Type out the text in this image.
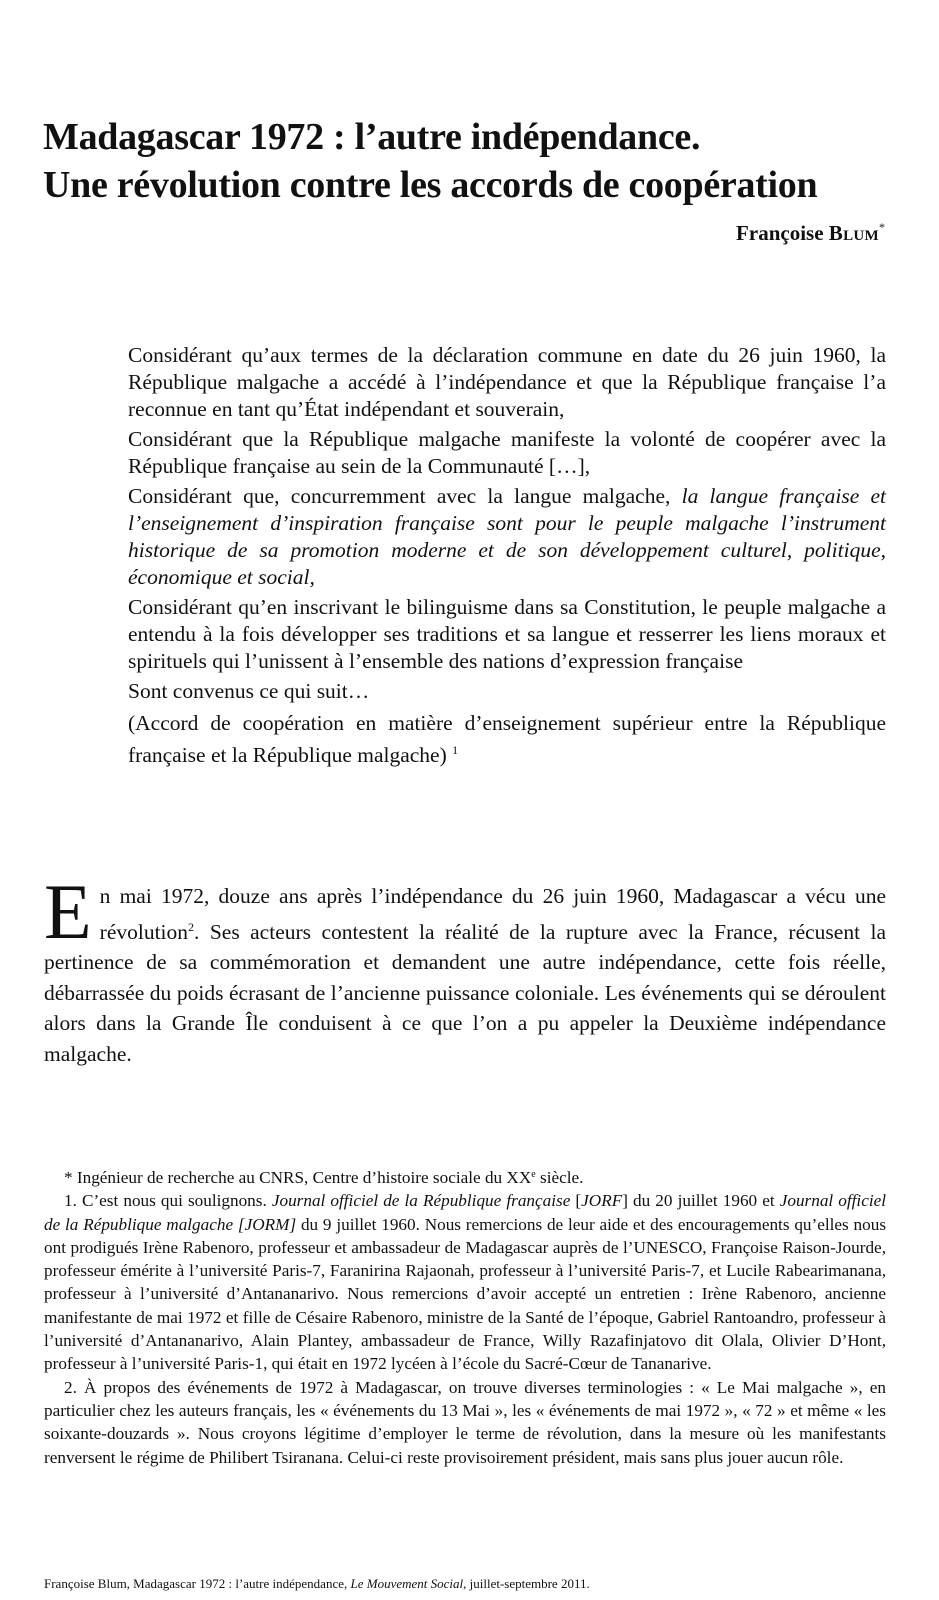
Madagascar 1972 : l’autre indépendance.
Une révolution contre les accords de coopération
Françoise BLUM*

Considérant qu’aux termes de la déclaration commune en date du 26 juin 1960, la République malgache a accédé à l’indépendance et que la République française l’a reconnue en tant qu’État indépendant et souverain,

Considérant que la République malgache manifeste la volonté de coopérer avec la République française au sein de la Communauté […],

Considérant que, concurremment avec la langue malgache, la langue française et l’enseignement d’inspiration française sont pour le peuple malgache l’instrument historique de sa promotion moderne et de son développement culturel, politique, économique et social,

Considérant qu’en inscrivant le bilinguisme dans sa Constitution, le peuple malgache a entendu à la fois développer ses traditions et sa langue et resserrer les liens moraux et spirituels qui l’unissent à l’ensemble des nations d’expression française

Sont convenus ce qui suit…

(Accord de coopération en matière d’enseignement supérieur entre la République française et la République malgache) $^1$

En mai 1972, douze ans après l’indépendance du 26 juin 1960, Madagascar a vécu une révolution$^2$. Ses acteurs contestent la réalité de la rupture avec la France, récusent la pertinence de sa commémoration et demandent une autre indépendance, cette fois réelle, débarrassée du poids écrasant de l’ancienne puissance coloniale. Les événements qui se déroulent alors dans la Grande Île conduisent à ce que l’on a pu appeler la Deuxième indépendance malgache.

* Ingénieur de recherche au CNRS, Centre d’histoire sociale du XXe siècle.

1. C’est nous qui soulignons. Journal officiel de la République française [JORF] du 20 juillet 1960 et Journal officiel de la République malgache [JORM] du 9 juillet 1960. Nous remercions de leur aide et des encouragements qu’elles nous ont prodigués Irène Rabenoro, professeur et ambassadeur de Madagascar auprès de l’UNESCO, Françoise Raison-Jourde, professeur émérite à l’université Paris-7, Faranirina Rajaonah, professeur à l’université Paris-7, et Lucile Rabearimanana, professeur à l’université d’Antananarivo. Nous remercions d’avoir accepté un entretien : Irène Rabenoro, ancienne manifestante de mai 1972 et fille de Césaire Rabenoro, ministre de la Santé de l’époque, Gabriel Rantoandro, professeur à l’université d’Antananarivo, Alain Plantey, ambassadeur de France, Willy Razafinjatovo dit Olala, Olivier D’Hont, professeur à l’université Paris-1, qui était en 1972 lycéen à l’école du Sacré-Cœur de Tananarive.

2. À propos des événements de 1972 à Madagascar, on trouve diverses terminologies : « Le Mai malgache », en particulier chez les auteurs français, les « événements du 13 Mai », les « événements de mai 1972 », « 72 » et même « les soixante-douzards ». Nous croyons légitime d’employer le terme de révolution, dans la mesure où les manifestants renversent le régime de Philibert Tsiranana. Celui-ci reste provisoirement président, mais sans plus jouer aucun rôle.

Françoise Blum, Madagascar 1972 : l’autre indépendance, Le Mouvement Social, juillet-septembre 2011.
